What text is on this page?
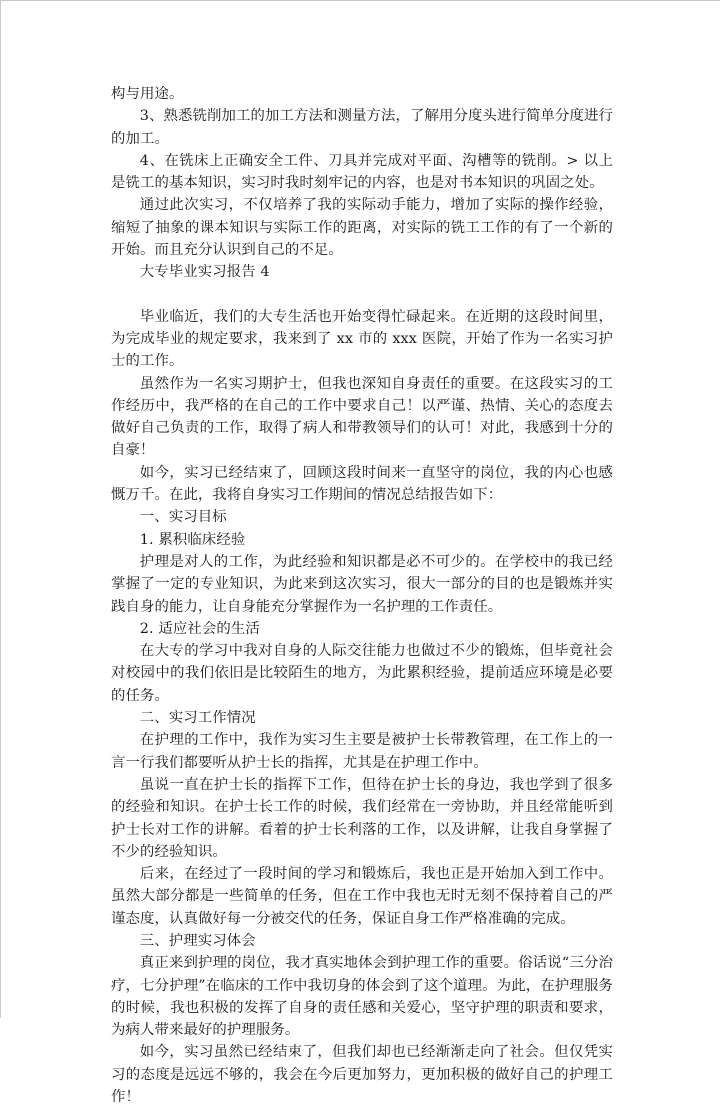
构与用途。

3、熟悉铣削加工的加工方法和测量方法，了解用分度头进行简单分度进行的加工。

4、在铣床上正确安全工件、刀具并完成对平面、沟槽等的铣削。> 以上是铣工的基本知识，实习时我时刻牢记的内容，也是对书本知识的巩固之处。

通过此次实习，不仅培养了我的实际动手能力，增加了实际的操作经验，缩短了抽象的课本知识与实际工作的距离，对实际的铣工工作的有了一个新的开始。而且充分认识到自己的不足。

大专毕业实习报告 4

毕业临近，我们的大专生活也开始变得忙碌起来。在近期的这段时间里，为完成毕业的规定要求，我来到了 xx 市的 xxx 医院，开始了作为一名实习护士的工作。

虽然作为一名实习期护士，但我也深知自身责任的重要。在这段实习的工作经历中，我严格的在自己的工作中要求自己！以严谨、热情、关心的态度去做好自己负责的工作，取得了病人和带教领导们的认可！对此，我感到十分的自豪！

如今，实习已经结束了，回顾这段时间来一直坚守的岗位，我的内心也感慨万千。在此，我将自身实习工作期间的情况总结报告如下：

一、实习目标

1. 累积临床经验

护理是对人的工作，为此经验和知识都是必不可少的。在学校中的我已经掌握了一定的专业知识，为此来到这次实习，很大一部分的目的也是锻炼并实践自身的能力，让自身能充分掌握作为一名护理的工作责任。

2. 适应社会的生活

在大专的学习中我对自身的人际交往能力也做过不少的锻炼，但毕竟社会对校园中的我们依旧是比较陌生的地方，为此累积经验，提前适应环境是必要的任务。

二、实习工作情况

在护理的工作中，我作为实习生主要是被护士长带教管理，在工作上的一言一行我们都要听从护士长的指挥，尤其是在护理工作中。

虽说一直在护士长的指挥下工作，但待在护士长的身边，我也学到了很多的经验和知识。在护士长工作的时候，我们经常在一旁协助，并且经常能听到护士长对工作的讲解。看着的护士长利落的工作，以及讲解，让我自身掌握了不少的经验知识。

后来，在经过了一段时间的学习和锻炼后，我也正是开始加入到工作中。虽然大部分都是一些简单的任务，但在工作中我也无时无刻不保持着自己的严谨态度，认真做好每一分被交代的任务，保证自身工作严格准确的完成。

三、护理实习体会

真正来到护理的岗位，我才真实地体会到护理工作的重要。俗话说“三分治疗，七分护理”在临床的工作中我切身的体会到了这个道理。为此，在护理服务的时候，我也积极的发挥了自身的责任感和关爱心，坚守护理的职责和要求，为病人带来最好的护理服务。

如今，实习虽然已经结束了，但我们却也已经渐渐走向了社会。但仅凭实习的态度是远远不够的，我会在今后更加努力，更加积极的做好自己的护理工作！
